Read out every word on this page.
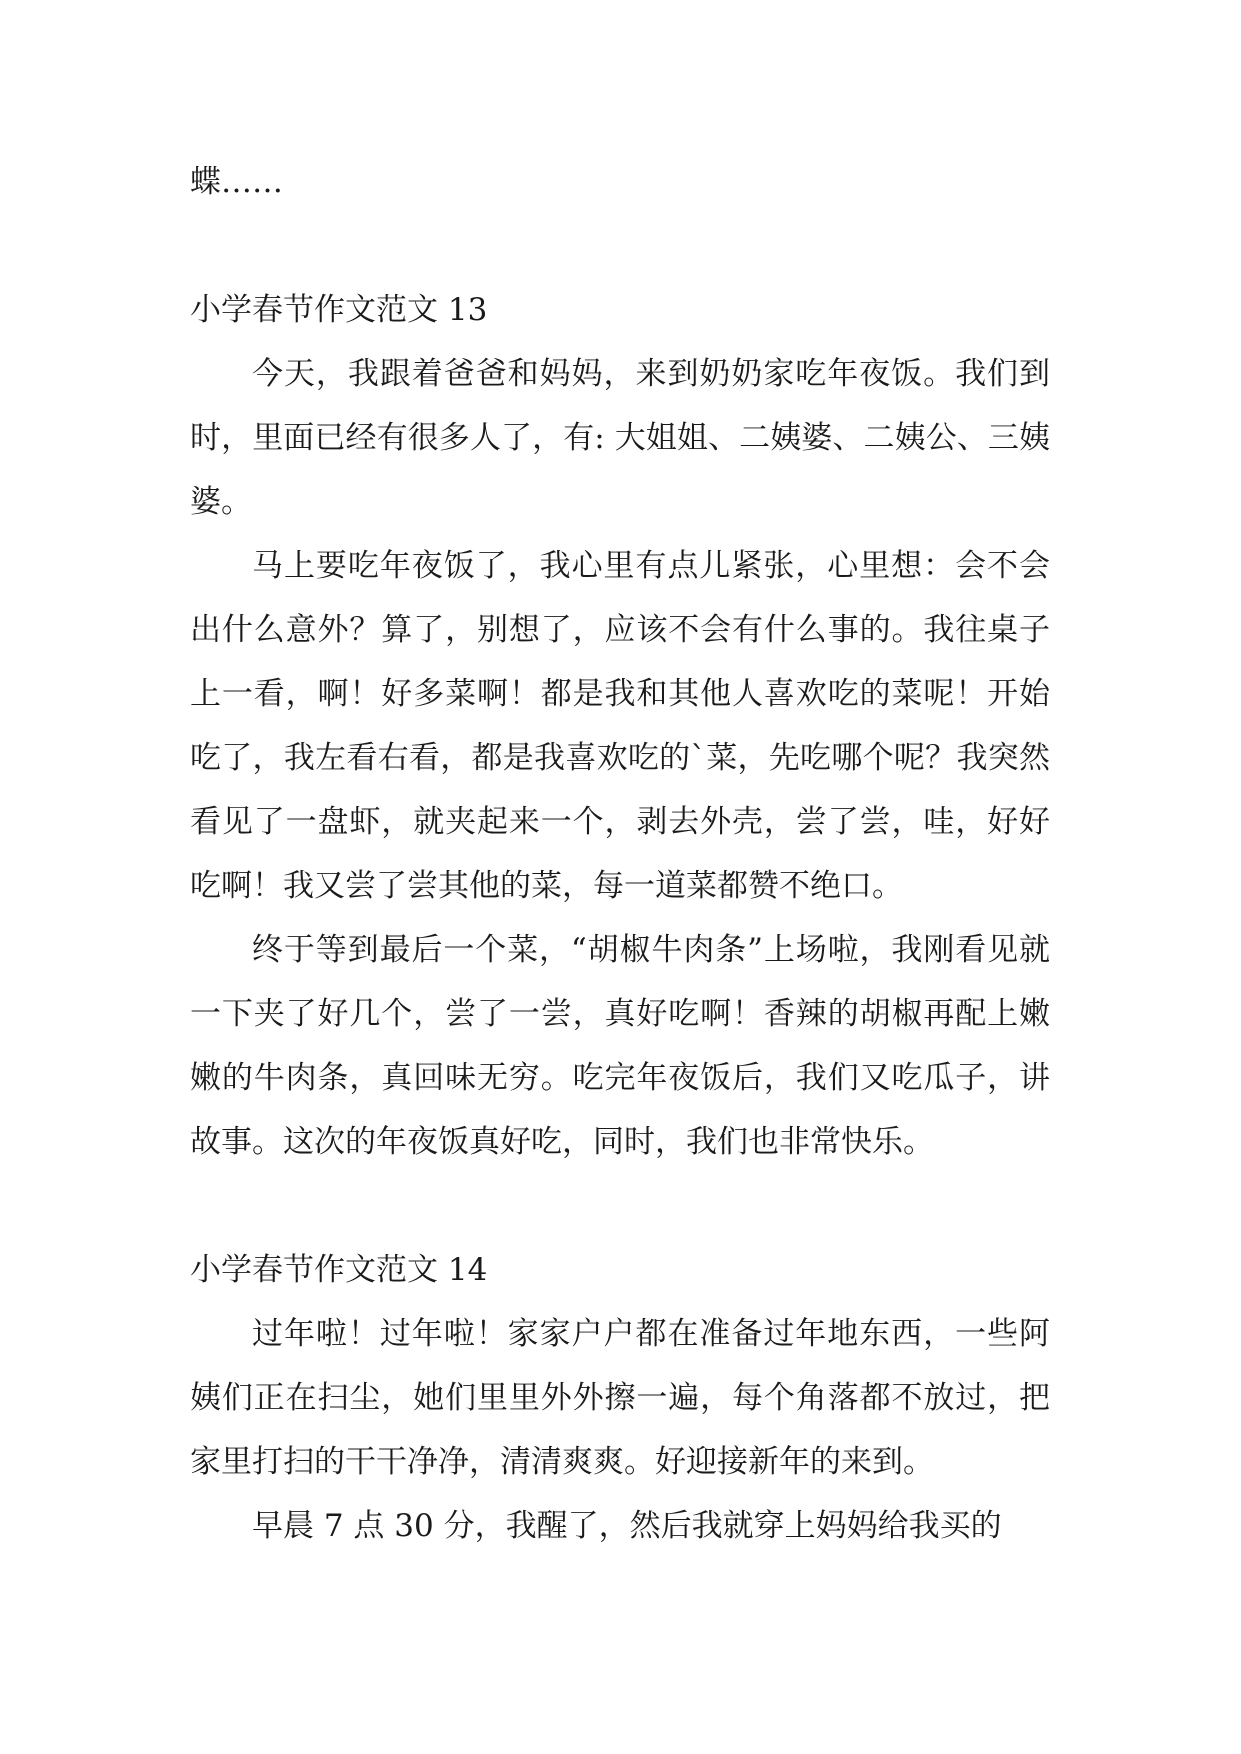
蝶……

小学春节作文范文 13

今天，我跟着爸爸和妈妈，来到奶奶家吃年夜饭。我们到时，里面已经有很多人了，有: 大姐姐、二姨婆、二姨公、三姨婆。

马上要吃年夜饭了，我心里有点儿紧张，心里想：会不会出什么意外？算了，别想了，应该不会有什么事的。我往桌子上一看，啊！好多菜啊！都是我和其他人喜欢吃的菜呢！开始吃了，我左看右看，都是我喜欢吃的`菜，先吃哪个呢？我突然看见了一盘虾，就夹起来一个，剥去外壳，尝了尝，哇，好好吃啊！我又尝了尝其他的菜，每一道菜都赞不绝口。

终于等到最后一个菜，“胡椒牛肉条”上场啦，我刚看见就一下夹了好几个，尝了一尝，真好吃啊！香辣的胡椒再配上嫩嫩的牛肉条，真回味无穷。吃完年夜饭后，我们又吃瓜子，讲故事。这次的年夜饭真好吃，同时，我们也非常快乐。

小学春节作文范文 14

过年啦！过年啦！家家户户都在准备过年地东西，一些阿姨们正在扫尘，她们里里外外擦一遍，每个角落都不放过，把家里打扫的干干净净，清清爽爽。好迎接新年的来到。

早晨 7 点 30 分，我醒了，然后我就穿上妈妈给我买的
